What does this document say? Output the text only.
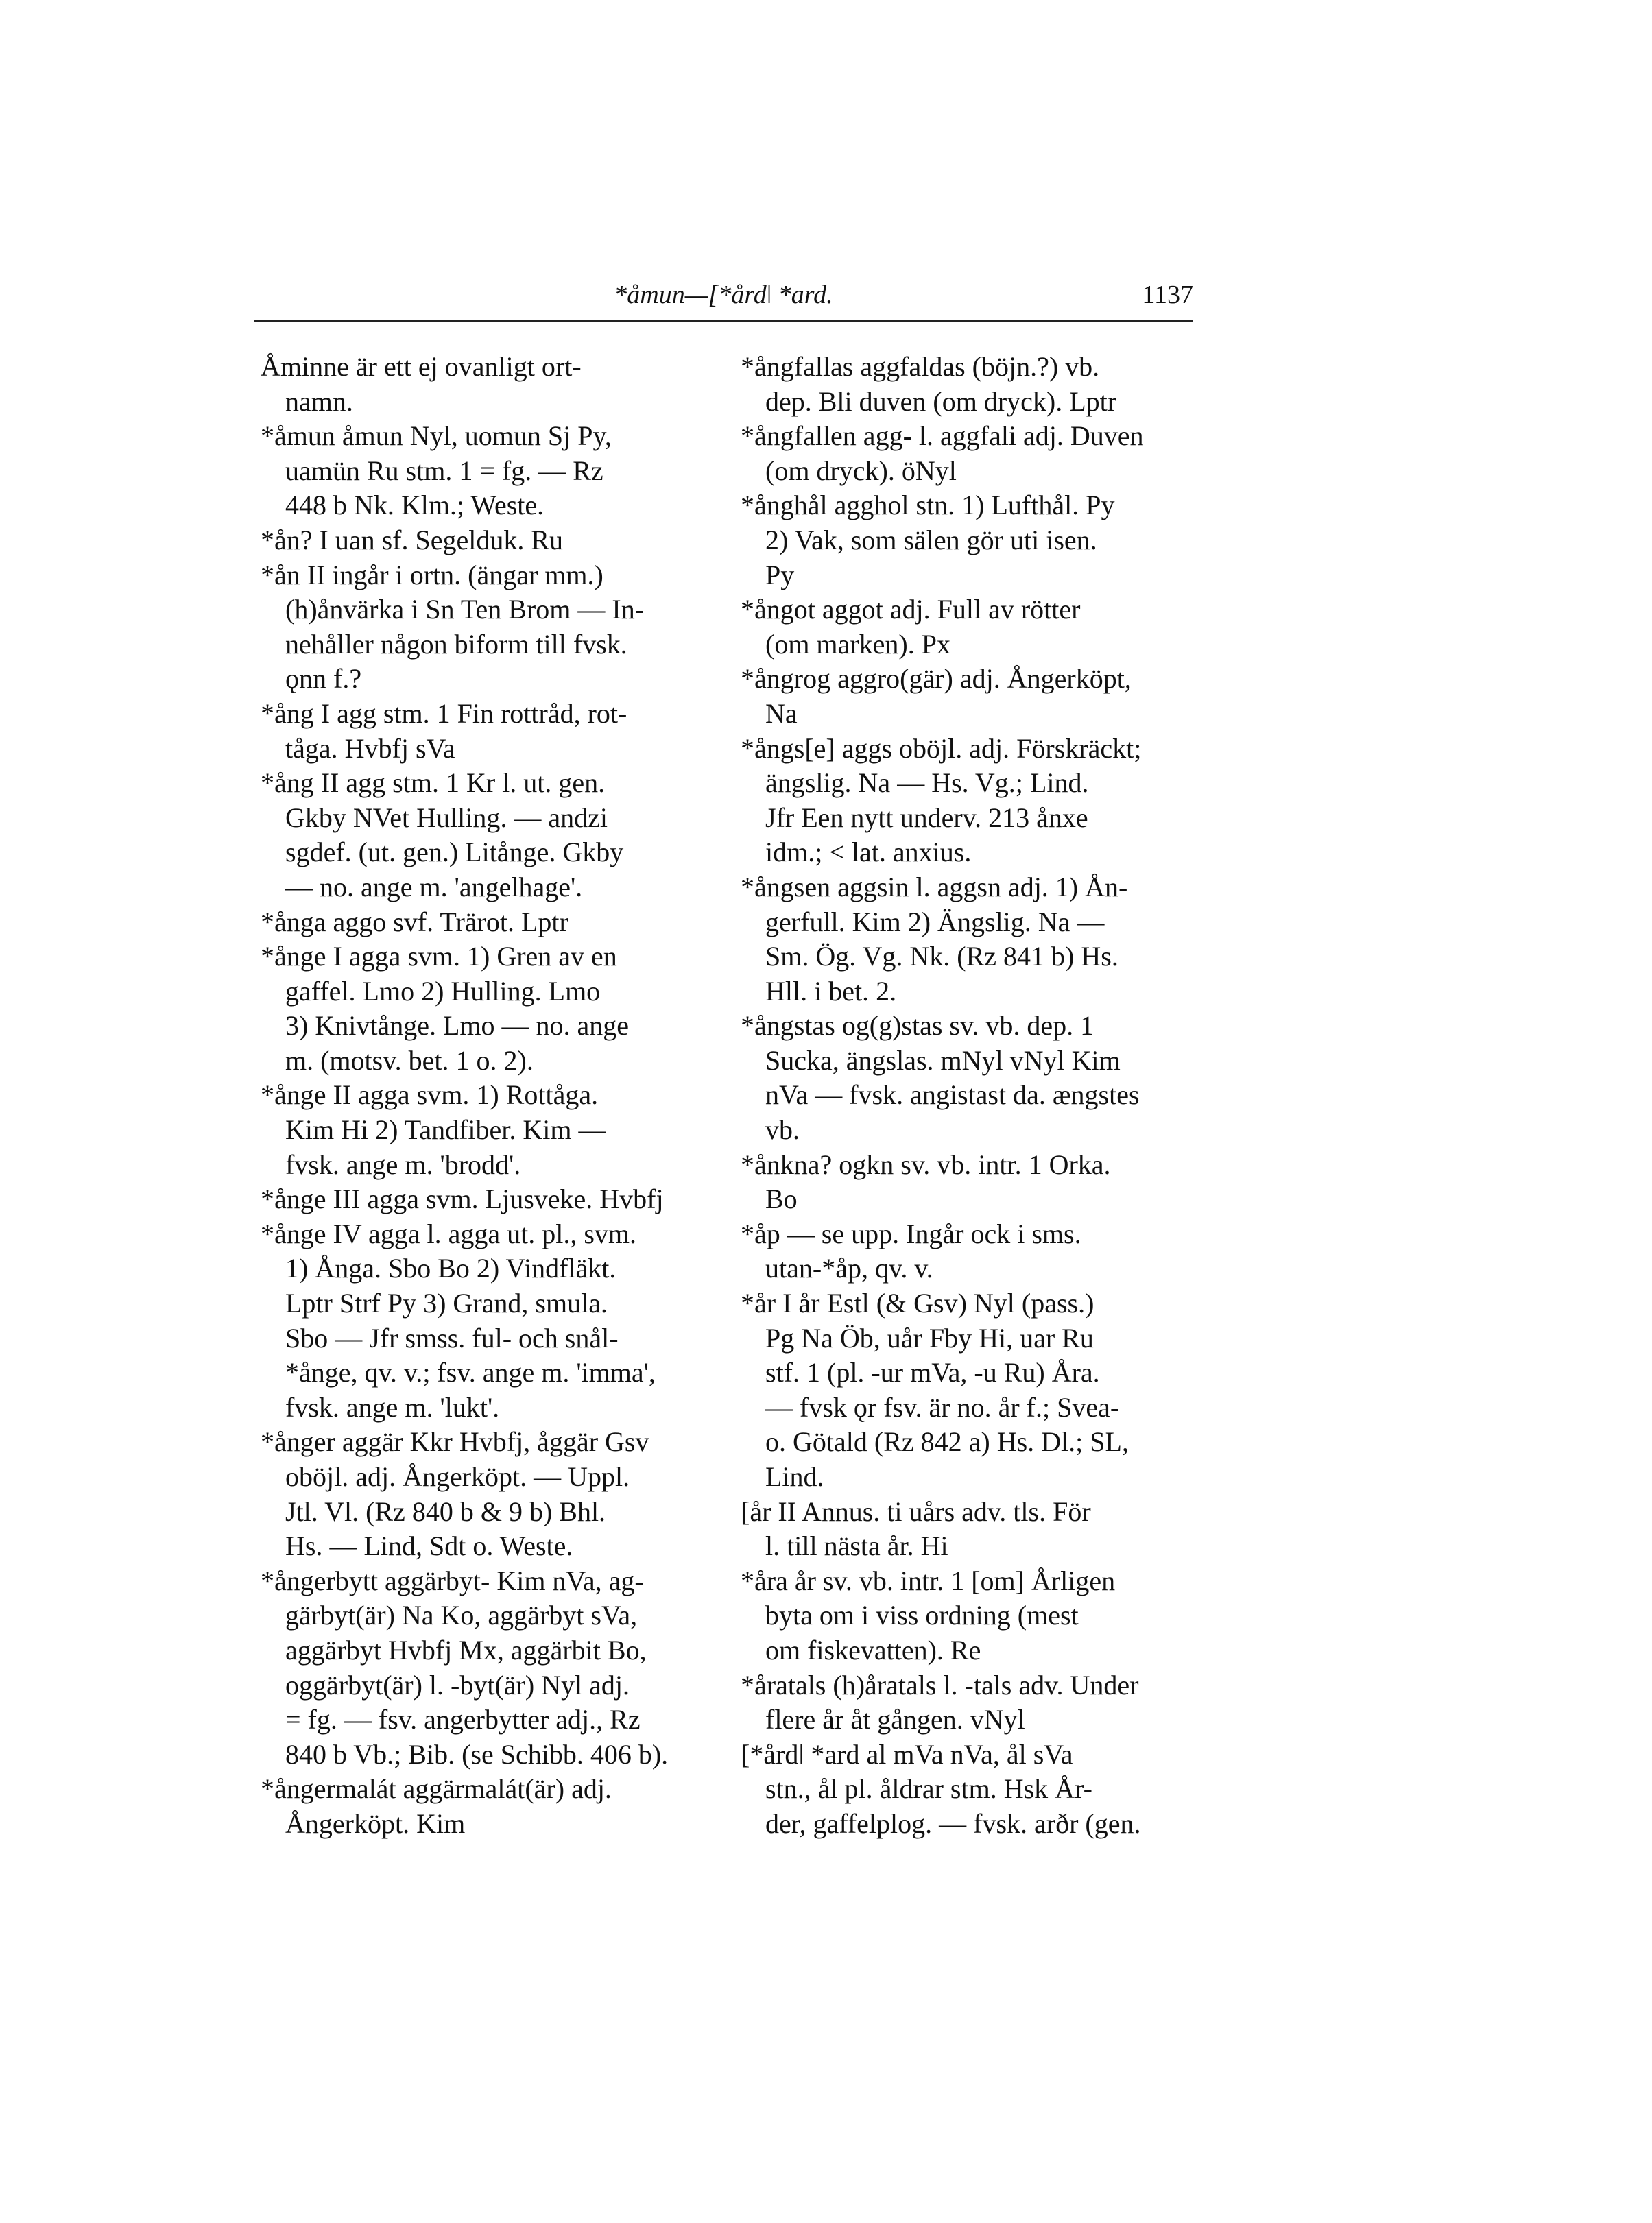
*åmun—[*årdǀ *ard.	1137

Åminne är ett ej ovanligt ort-
namn.

*åmun åmun Nyl, uomun Sj Py,
uamün Ru stm. 1 = fg. — Rz
448 b Nk. Klm.; Weste.

*ån? I uan sf. Segelduk. Ru

*ån II ingår i ortn. (ängar mm.)
(h)ånvärka i Sn Ten Brom — In-
nehåller någon biform till fvsk.
ǫnn f.?

*ång I agg stm. 1 Fin rottråd, rot-
tåga. Hvbfj sVa

*ång II agg stm. 1 Kr l. ut. gen.
Gkby NVet Hulling. — andzi
sgdef. (ut. gen.) Litånge. Gkby
— no. ange m. 'angelhage'.

*ånga aggo svf. Trärot. Lptr

*ånge I agga svm. 1) Gren av en
gaffel. Lmo 2) Hulling. Lmo
3) Knivtånge. Lmo — no. ange
m. (motsv. bet. 1 o. 2).

*ånge II agga svm. 1) Rottåga.
Kim Hi 2) Tandfiber. Kim —
fvsk. ange m. 'brodd'.

*ånge III agga svm. Ljusveke. Hvbfj

*ånge IV agga l. agga ut. pl., svm.
1) Ånga. Sbo Bo 2) Vindfläkt.
Lptr Strf Py 3) Grand, smula.
Sbo — Jfr smss. ful- och snål-
*ånge, qv. v.; fsv. ange m. 'imma',
fvsk. ange m. 'lukt'.

*ånger aggär Kkr Hvbfj, åggär Gsv
oböjl. adj. Ångerköpt. — Uppl.
Jtl. Vl. (Rz 840 b & 9 b) Bhl.
Hs. — Lind, Sdt o. Weste.

*ångerbytt aggärbyt- Kim nVa, ag-
gärbyt(är) Na Ko, aggärbyt sVa,
aggärbyt Hvbfj Mx, aggärbit Bo,
oggärbyt(är) l. -byt(är) Nyl adj.
= fg. — fsv. angerbytter adj., Rz
840 b Vb.; Bib. (se Schibb. 406 b).

*ångermalát aggärmalát(är) adj.
Ångerköpt. Kim

*ångfallas aggfaldas (böjn.?) vb.
dep. Bli duven (om dryck). Lptr

*ångfallen agg- l. aggfali adj. Duven
(om dryck). öNyl

*ånghål agghol stn. 1) Lufthål. Py
2) Vak, som sälen gör uti isen.
Py

*ångot aggot adj. Full av rötter
(om marken). Px

*ångrog aggro(gär) adj. Ångerköpt,
Na

*ångs[e] aggs oböjl. adj. Förskräckt;
ängslig. Na — Hs. Vg.; Lind.
Jfr Een nytt underv. 213 ånxe
idm.; < lat. anxius.

*ångsen aggsin l. aggsn adj. 1) Ån-
gerfull. Kim 2) Ängslig. Na —
Sm. Ög. Vg. Nk. (Rz 841 b) Hs.
Hll. i bet. 2.

*ångstas og(g)stas sv. vb. dep. 1
Sucka, ängslas. mNyl vNyl Kim
nVa — fvsk. angistast da. ængstes
vb.

*ånkna? ogkn sv. vb. intr. 1 Orka.
Bo

*åp — se upp. Ingår ock i sms.
utan-*åp, qv. v.

*år I år Estl (& Gsv) Nyl (pass.)
Pg Na Öb, uår Fby Hi, uar Ru
stf. 1 (pl. -ur mVa, -u Ru) Åra.
— fvsk ǫr fsv. är no. år f.; Svea-
o. Götald (Rz 842 a) Hs. Dl.; SL,
Lind.

[år II Annus. ti uårs adv. tls. För
l. till nästa år. Hi

*åra år sv. vb. intr. 1 [om] Årligen
byta om i viss ordning (mest
om fiskevatten). Re

*åratals (h)åratals l. -tals adv. Under
flere år åt gången. vNyl

[*årdǀ *ard al mVa nVa, ål sVa
stn., ål pl. åldrar stm. Hsk År-
der, gaffelplog. — fvsk. arðr (gen.
